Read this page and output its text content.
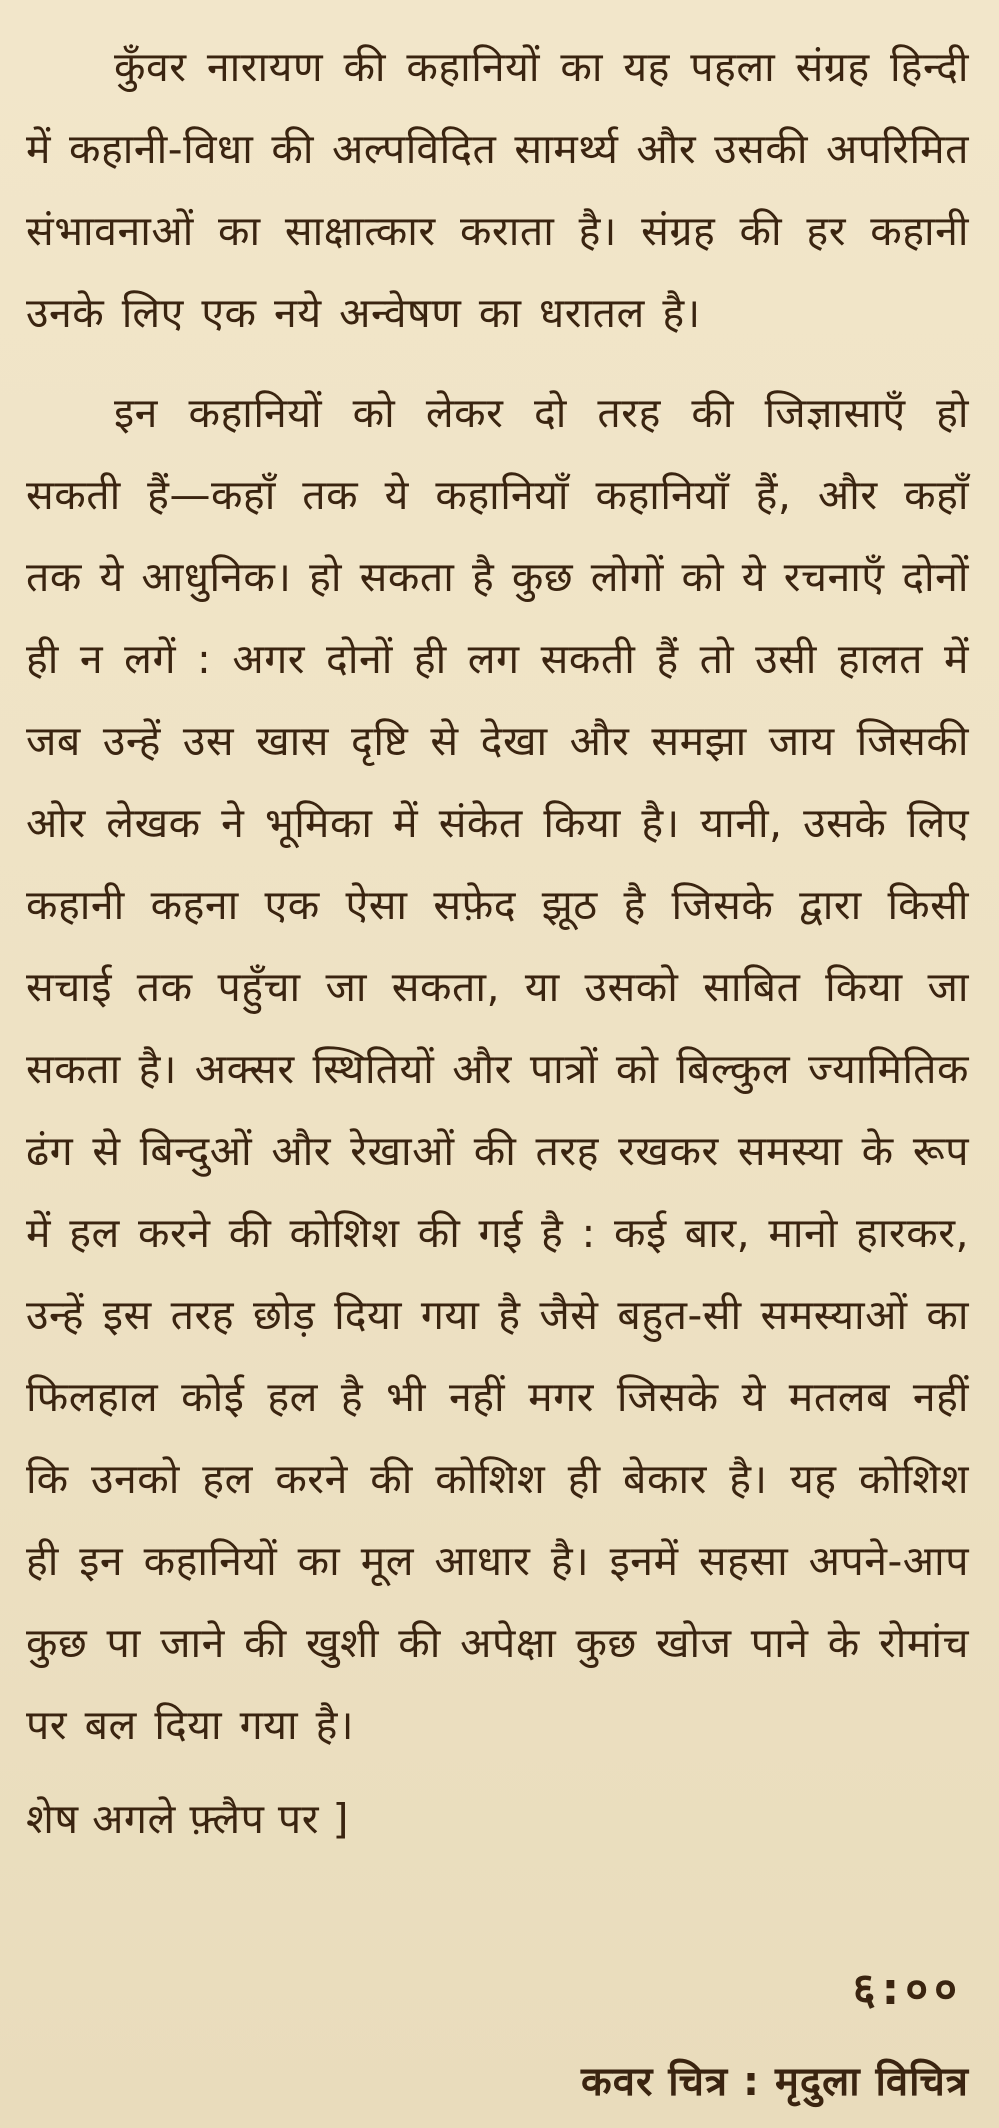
कुँवर नारायण की कहानियों का यह पहला संग्रह हिन्दी में कहानी-विधा की अल्पविदित सामर्थ्य और उसकी अपरिमित संभावनाओं का साक्षात्कार कराता है। संग्रह की हर कहानी उनके लिए एक नये अन्वेषण का धरातल है।

इन कहानियों को लेकर दो तरह की जिज्ञासाएँ हो सकती हैं—कहाँ तक ये कहानियाँ कहानियाँ हैं, और कहाँ तक ये आधुनिक। हो सकता है कुछ लोगों को ये रचनाएँ दोनों ही न लगें : अगर दोनों ही लग सकती हैं तो उसी हालत में जब उन्हें उस खास दृष्टि से देखा और समझा जाय जिसकी ओर लेखक ने भूमिका में संकेत किया है। यानी, उसके लिए कहानी कहना एक ऐसा सफ़ेद झूठ है जिसके द्वारा किसी सचाई तक पहुँचा जा सकता, या उसको साबित किया जा सकता है। अक्सर स्थितियों और पात्रों को बिल्कुल ज्यामितिक ढंग से बिन्दुओं और रेखाओं की तरह रखकर समस्या के रूप में हल करने की कोशिश की गई है : कई बार, मानो हारकर, उन्हें इस तरह छोड़ दिया गया है जैसे बहुत-सी समस्याओं का फिलहाल कोई हल है भी नहीं मगर जिसके ये मतलब नहीं कि उनको हल करने की कोशिश ही बेकार है। यह कोशिश ही इन कहानियों का मूल आधार है। इनमें सहसा अपने-आप कुछ पा जाने की खुशी की अपेक्षा कुछ खोज पाने के रोमांच पर बल दिया गया है।

शेष अगले फ़्लैप पर ]

६:००
कवर चित्र : मृदुला विचित्र
